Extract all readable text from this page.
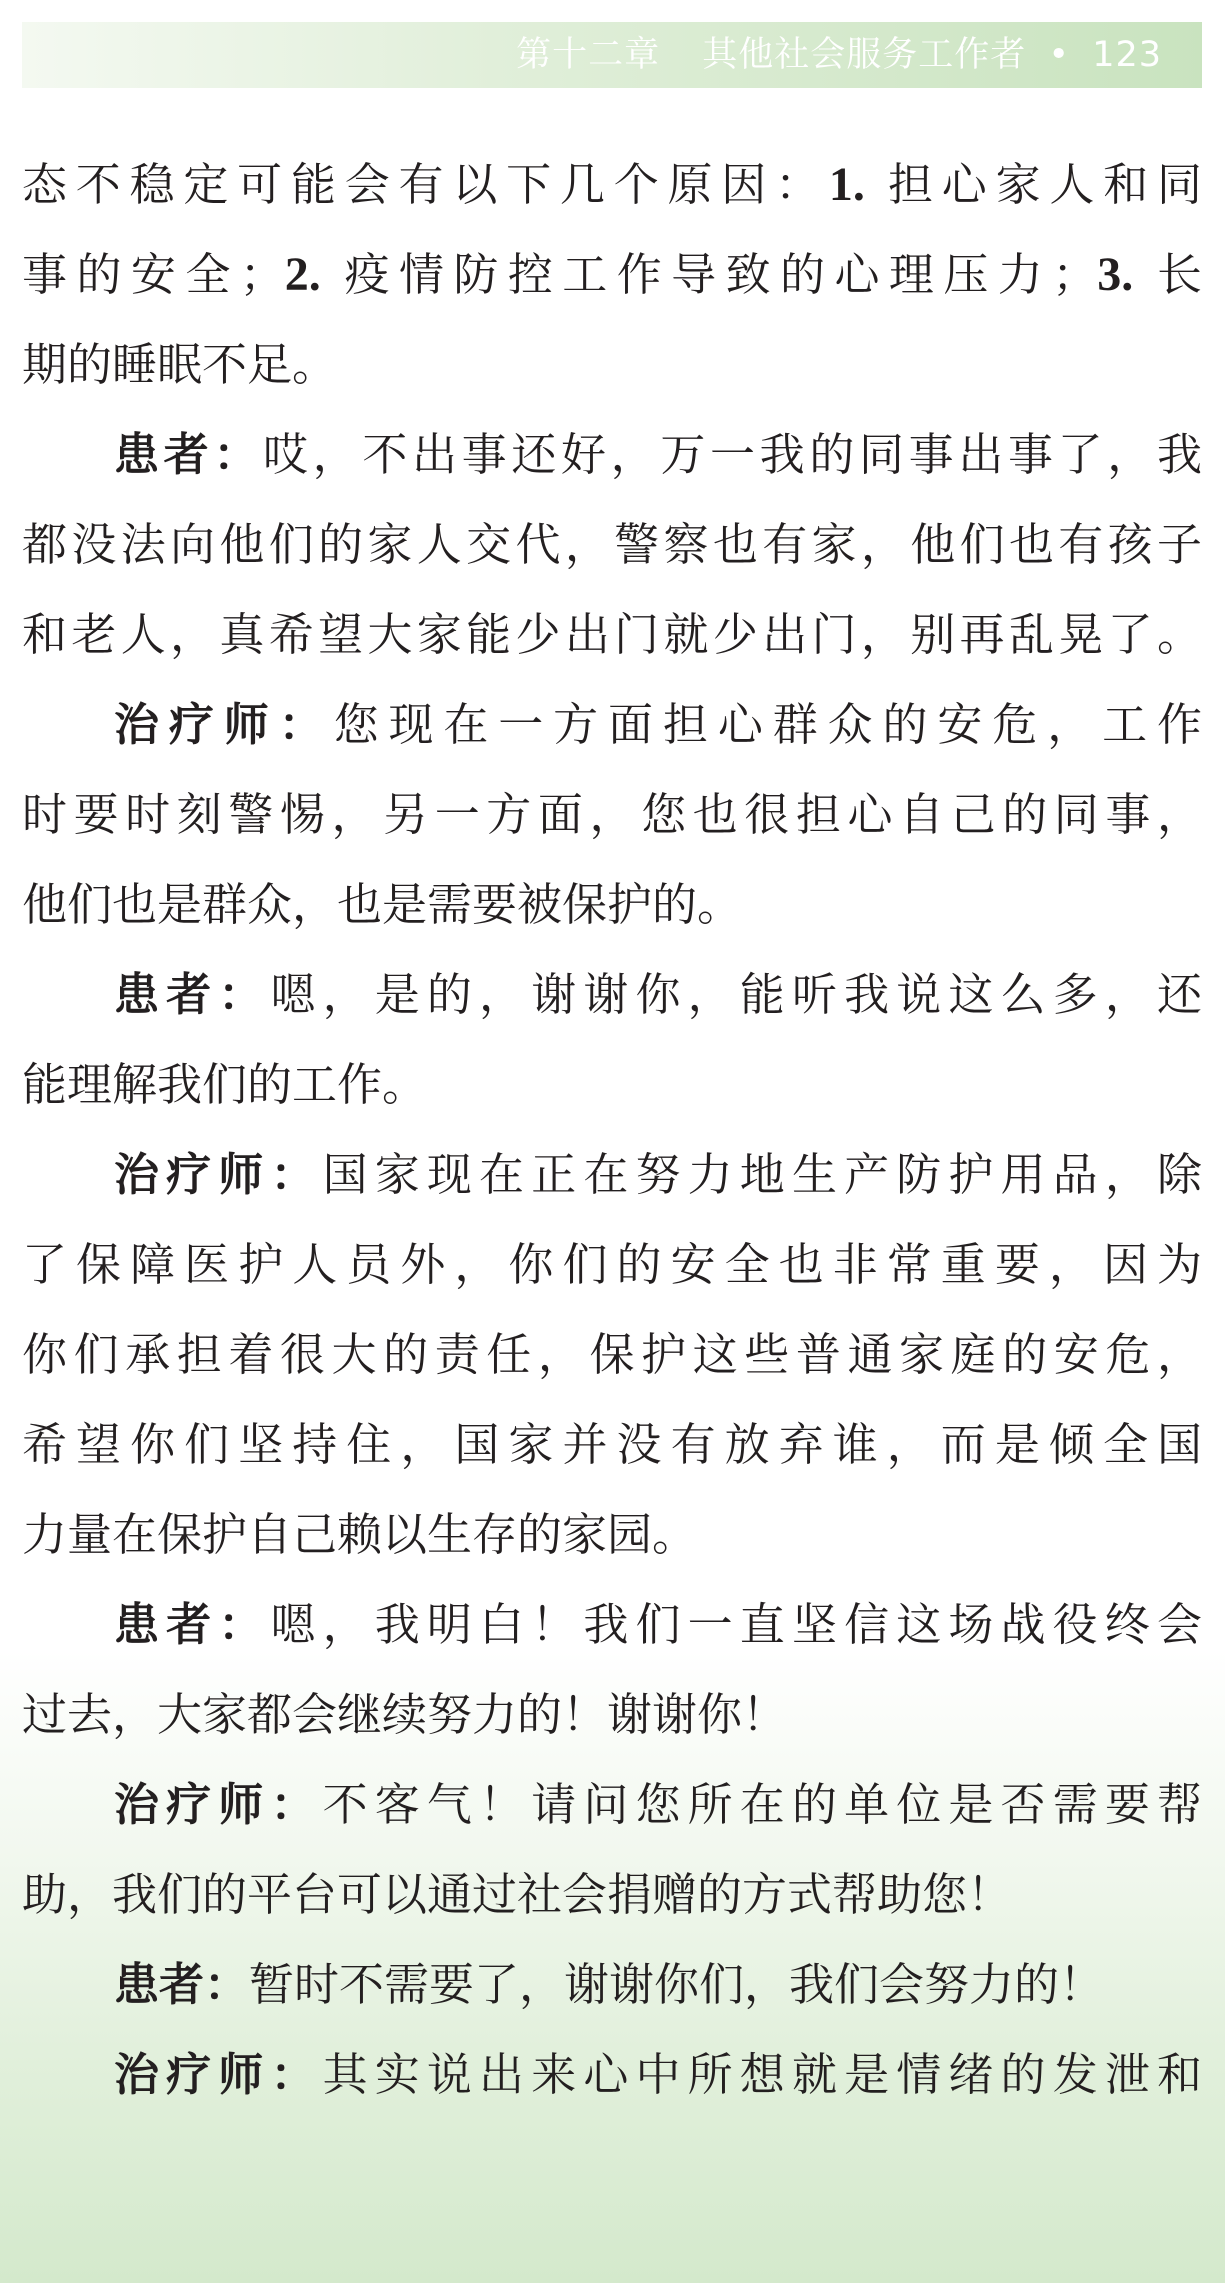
第十二章 其他社会服务工作者 • 123
态不稳定可能会有以下几个原因：1. 担心家人和同
事的安全；2. 疫情防控工作导致的心理压力；3. 长
期的睡眠不足。
患者：哎，不出事还好，万一我的同事出事了，我
都没法向他们的家人交代，警察也有家，他们也有孩子
和老人，真希望大家能少出门就少出门，别再乱晃了。
治疗师：您现在一方面担心群众的安危，工作
时要时刻警惕，另一方面，您也很担心自己的同事，
他们也是群众，也是需要被保护的。
患者：嗯，是的，谢谢你，能听我说这么多，还
能理解我们的工作。
治疗师：国家现在正在努力地生产防护用品，除
了保障医护人员外，你们的安全也非常重要，因为
你们承担着很大的责任，保护这些普通家庭的安危，
希望你们坚持住，国家并没有放弃谁，而是倾全国
力量在保护自己赖以生存的家园。
患者：嗯，我明白！我们一直坚信这场战役终会
过去，大家都会继续努力的！谢谢你！
治疗师：不客气！请问您所在的单位是否需要帮
助，我们的平台可以通过社会捐赠的方式帮助您！
患者：暂时不需要了，谢谢你们，我们会努力的！
治疗师：其实说出来心中所想就是情绪的发泄和
